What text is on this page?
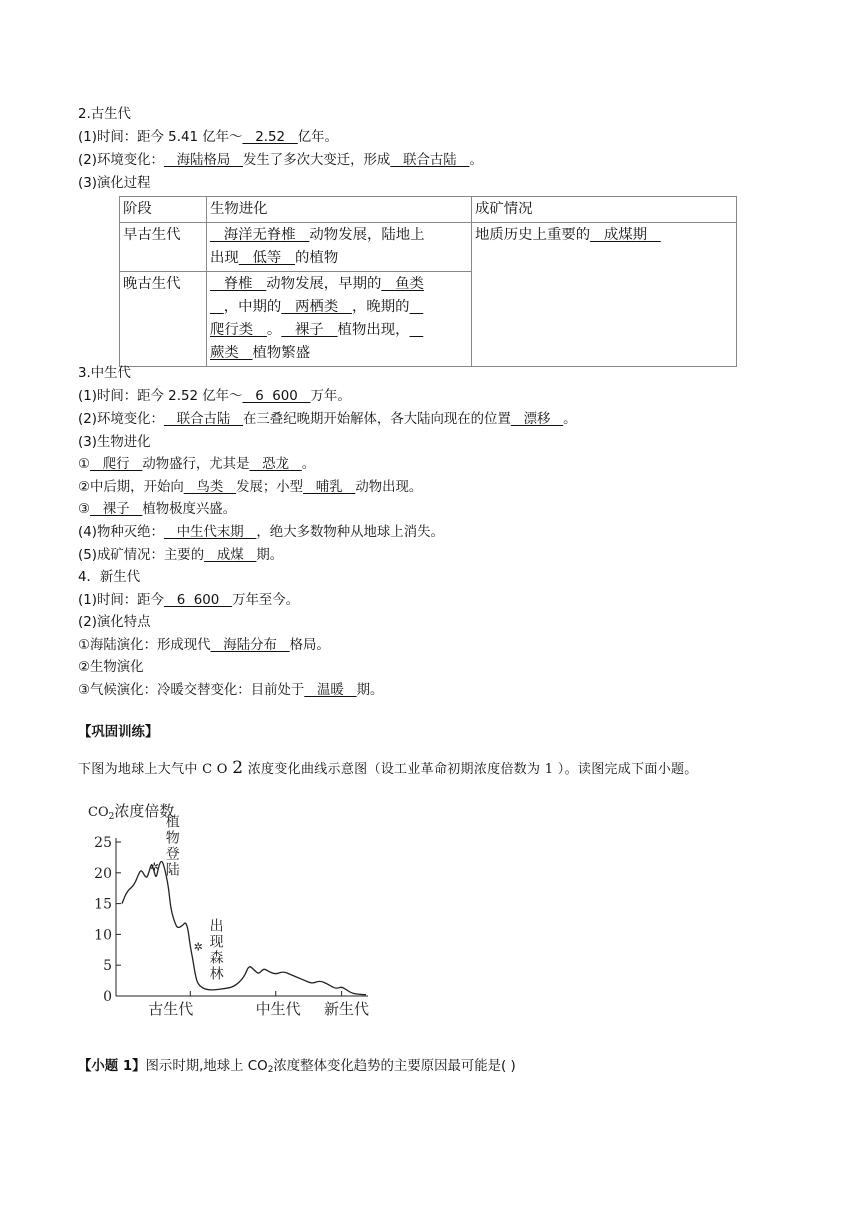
2.古生代
(1)时间：距今 5.41 亿年～   2.52   亿年。
(2)环境变化：   海陆格局   发生了多次大变迁，形成   联合古陆   。
(3)演化过程
阶段	生物进化	成矿情况
早古生代	海洋无脊椎   动物发展，陆地上
出现   低等   的植物	地质历史上重要的   成煤期
晚古生代	脊椎   动物发展，早期的   鱼类
，中期的   两栖类   ，晚期的
爬行类   。   裸子   植物出现，
蕨类   植物繁盛	
3.中生代
(1)时间：距今 2.52 亿年～   6  600   万年。
(2)环境变化：   联合古陆   在三叠纪晚期开始解体，各大陆向现在的位置   漂移   。
(3)生物进化
①   爬行   动物盛行，尤其是   恐龙   。
②中后期，开始向   鸟类   发展；小型   哺乳   动物出现。
③   裸子   植物极度兴盛。
(4)物种灭绝：   中生代末期   ，绝大多数物种从地球上消失。
(5)成矿情况：主要的   成煤   期。
4．新生代
(1)时间：距今   6  600   万年至今。
(2)演化特点
①海陆演化：形成现代   海陆分布   格局。
②生物演化
③气候演化：冷暖交替变化：目前处于   温暖   期。
【巩固训练】
下图为地球上大气中 C O 2 浓度变化曲线示意图（设工业革命初期浓度倍数为 1 ）。读图完成下面小题。
$CO_2$浓度倍数
25
20
15
10
5
0
古生代	中生代 新生代
✲
植
物
登
陆
✲
出
现
森
林
【小题 1】图示时期,地球上 $CO_2$浓度整体变化趋势的主要原因最可能是( )
